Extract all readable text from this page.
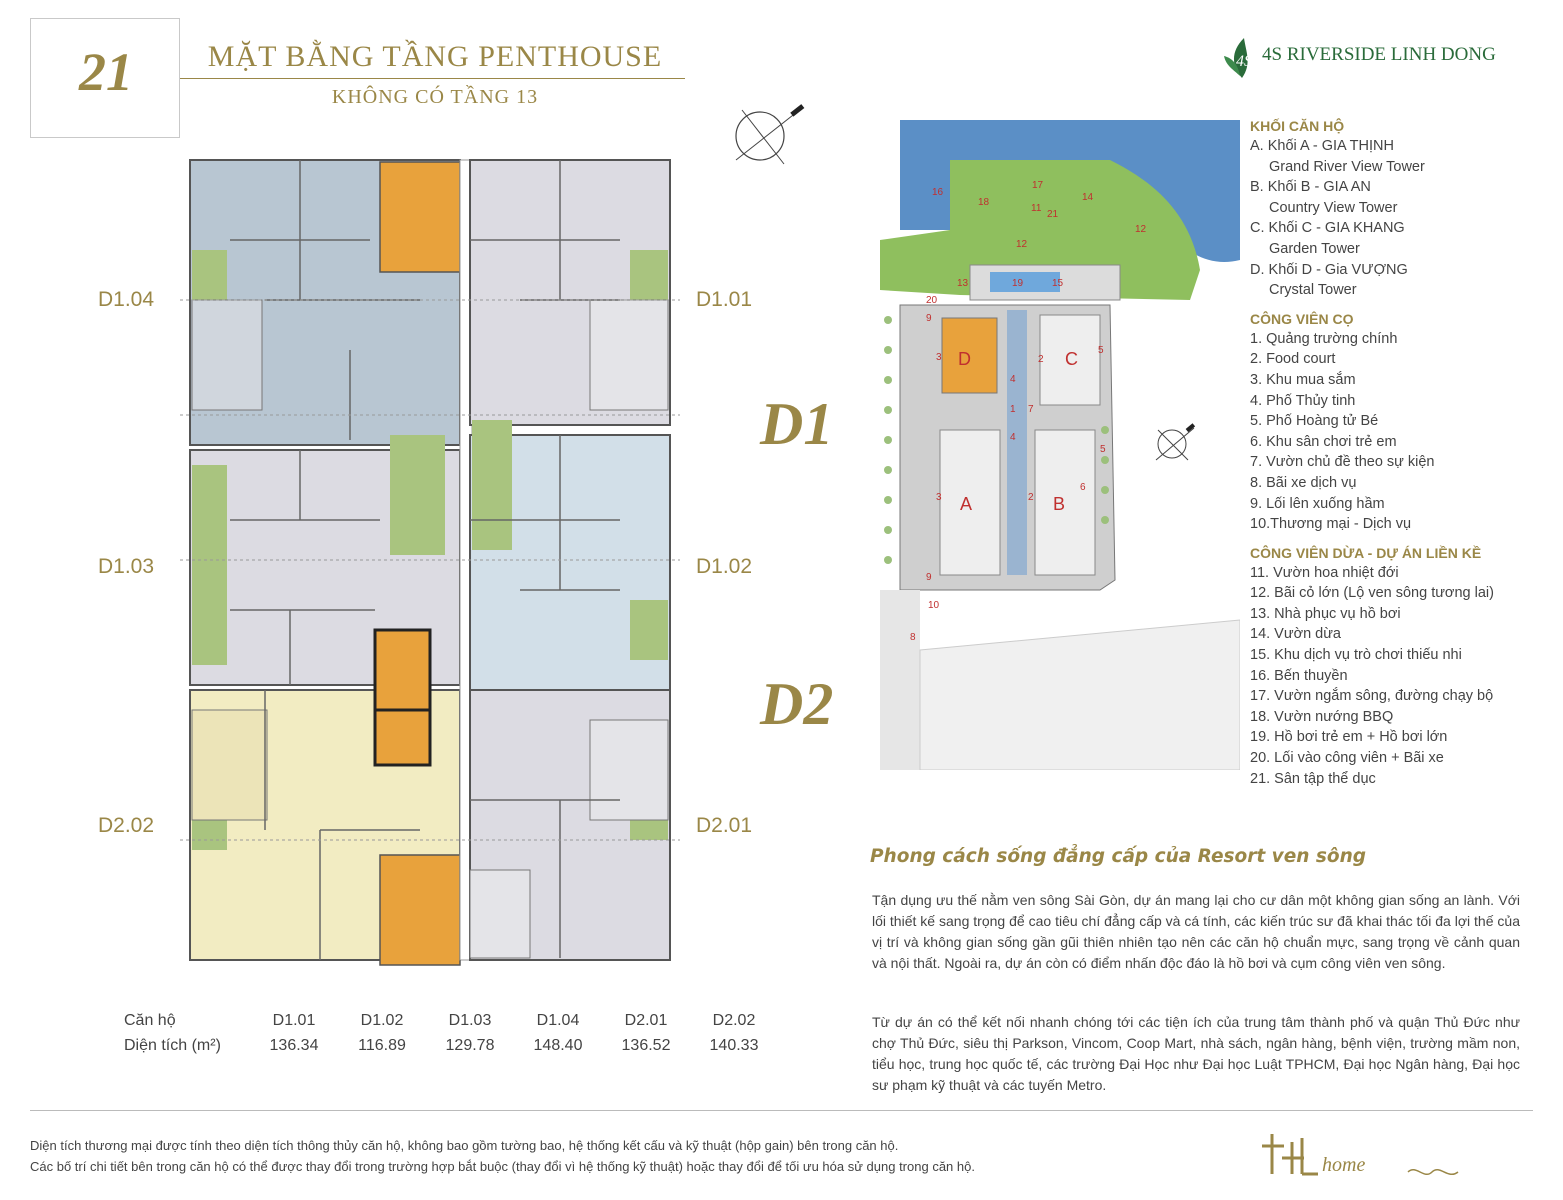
21	MẶT BẰNG TẦNG PENTHOUSE
KHÔNG CÓ TẦNG 13
4S 4S RIVERSIDE LINH DONG
D1.04	D1.01
D1.03	D1.02
D2.02	D2.01
D1
D2
Căn hộ	D1.01	D1.02	D1.03	D1.04	D2.01	D2.02
Diện tích (m²)	136.34	116.89	129.78	148.40	136.52	140.33
D	C
A	B
16
17
14
18
11
21
12
12
13	19	15
20
9
3	2
5
4
1 7
4
5
3	2
6
9
10
8
KHỐI CĂN HỘ
A. Khối A - GIA THỊNH
Grand River View Tower
B. Khối B - GIA AN
Country View Tower
C. Khối C - GIA KHANG
Garden Tower
D. Khối D - Gia VƯỢNG
Crystal Tower
CÔNG VIÊN CỌ
1. Quảng trường chính
2. Food court
3. Khu mua sắm
4. Phố Thủy tinh
5. Phố Hoàng tử Bé
6. Khu sân chơi trẻ em
7. Vườn chủ đề theo sự kiện
8. Bãi xe dịch vụ
9. Lối lên xuống hầm
10.Thương mại - Dịch vụ
CÔNG VIÊN DỪA - DỰ ÁN LIỀN KỀ
11. Vườn hoa nhiệt đới
12. Bãi cỏ lớn (Lộ ven sông tương lai)
13. Nhà phục vụ hồ bơi
14. Vườn dừa
15. Khu dịch vụ trò chơi thiếu nhi
16. Bến thuyền
17. Vườn ngắm sông, đường chạy bộ
18. Vườn nướng BBQ
19. Hồ bơi trẻ em + Hồ bơi lớn
20. Lối vào công viên + Bãi xe
21. Sân tập thể dục
Phong cách sống đẳng cấp của Resort ven sông
Tận dụng ưu thế nằm ven sông Sài Gòn, dự án mang lại cho cư dân một không gian sống an lành. Với lối thiết kế sang trọng để cao tiêu chí đẳng cấp và cá tính, các kiến trúc sư đã khai thác tối đa lợi thế của vị trí và không gian sống gần gũi thiên nhiên tạo nên các căn hộ chuẩn mực, sang trọng về cảnh quan và nội thất. Ngoài ra, dự án còn có điểm nhấn độc đáo là hồ bơi và cụm công viên ven sông.
Từ dự án có thể kết nối nhanh chóng tới các tiện ích của trung tâm thành phố và quận Thủ Đức như chợ Thủ Đức, siêu thị Parkson, Vincom, Coop Mart, nhà sách, ngân hàng, bệnh viện, trường mầm non, tiểu học, trung học quốc tế, các trường Đại Học như Đại học Luật TPHCM, Đại học Ngân hàng, Đại học sư phạm kỹ thuật và các tuyến Metro.
Diện tích thương mại được tính theo diện tích thông thủy căn hộ, không bao gồm tường bao, hệ thống kết cấu và kỹ thuật (hộp gain) bên trong căn hộ.
Các bố trí chi tiết bên trong căn hộ có thể được thay đổi trong trường hợp bắt buộc (thay đổi vì hệ thống kỹ thuật) hoặc thay đổi để tối ưu hóa sử dụng trong căn hộ.	home
